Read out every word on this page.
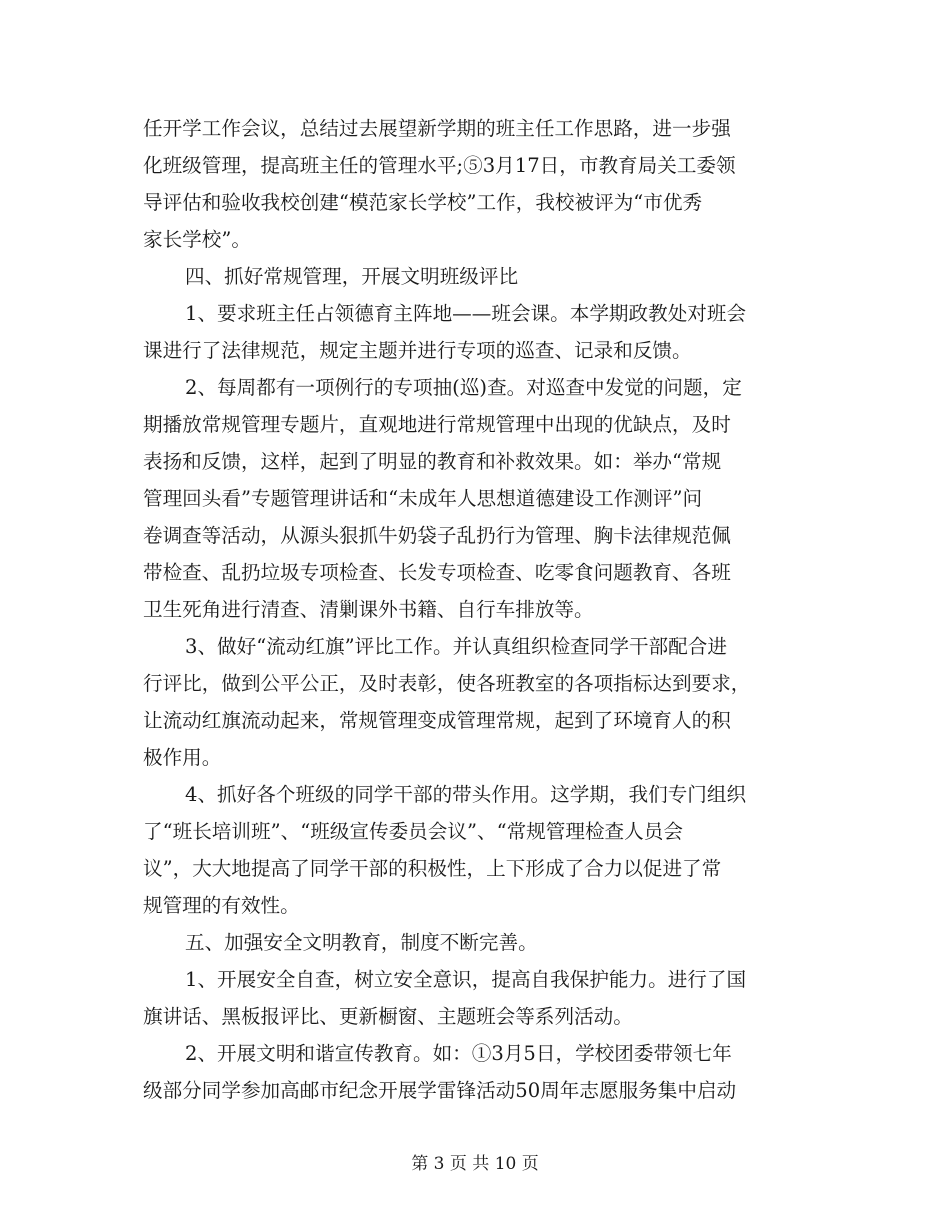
任开学工作会议，总结过去展望新学期的班主任工作思路，进一步强
化班级管理，提高班主任的管理水平;⑤3月17日，市教育局关工委领
导评估和验收我校创建“模范家长学校”工作，我校被评为“市优秀
家长学校”。
四、抓好常规管理，开展文明班级评比
1、要求班主任占领德育主阵地——班会课。本学期政教处对班会
课进行了法律规范，规定主题并进行专项的巡查、记录和反馈。
2、每周都有一项例行的专项抽(巡)查。对巡查中发觉的问题，定
期播放常规管理专题片，直观地进行常规管理中出现的优缺点，及时
表扬和反馈，这样，起到了明显的教育和补救效果。如：举办“常规
管理回头看”专题管理讲话和“未成年人思想道德建设工作测评”问
卷调查等活动，从源头狠抓牛奶袋子乱扔行为管理、胸卡法律规范佩
带检查、乱扔垃圾专项检查、长发专项检查、吃零食问题教育、各班
卫生死角进行清查、清剿课外书籍、自行车排放等。
3、做好“流动红旗”评比工作。并认真组织检查同学干部配合进
行评比，做到公平公正，及时表彰，使各班教室的各项指标达到要求，
让流动红旗流动起来，常规管理变成管理常规，起到了环境育人的积
极作用。
4、抓好各个班级的同学干部的带头作用。这学期，我们专门组织
了“班长培训班”、“班级宣传委员会议”、“常规管理检查人员会
议”，大大地提高了同学干部的积极性，上下形成了合力以促进了常
规管理的有效性。
五、加强安全文明教育，制度不断完善。
1、开展安全自查，树立安全意识，提高自我保护能力。进行了国
旗讲话、黑板报评比、更新橱窗、主题班会等系列活动。
2、开展文明和谐宣传教育。如：①3月5日，学校团委带领七年
级部分同学参加高邮市纪念开展学雷锋活动50周年志愿服务集中启动
第 3 页 共 10 页
